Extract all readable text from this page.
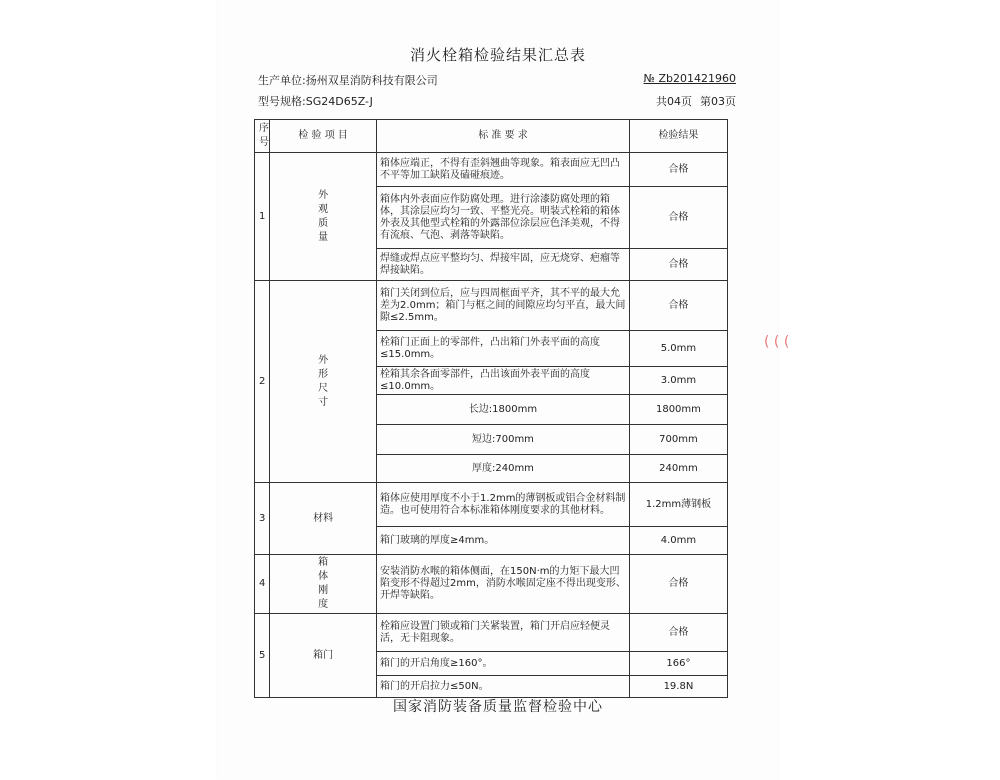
消火栓箱检验结果汇总表
生产单位:扬州双星消防科技有限公司
型号规格:SG24D65Z-J
№ Zb201421960
共04页 第03页
序号	检 验 项 目	标 准 要 求	检验结果
1	外观质量	箱体应端正，不得有歪斜翘曲等现象。箱表面应无凹凸不平等加工缺陷及磕碰痕迹。	合格
		箱体内外表面应作防腐处理。进行涂漆防腐处理的箱体，其涂层应均匀一致、平整光亮。明装式栓箱的箱体外表及其他型式栓箱的外露部位涂层应色泽美观，不得有流痕、气泡、剥落等缺陷。	合格
		焊缝或焊点应平整均匀、焊接牢固，应无烧穿、疤瘤等焊接缺陷。	合格
2	外形尺寸	箱门关闭到位后，应与四周框面平齐，其不平的最大允差为2.0mm；箱门与框之间的间隙应均匀平直，最大间隙≤2.5mm。	合格
		栓箱门正面上的零部件，凸出箱门外表平面的高度≤15.0mm。	5.0mm
		栓箱其余各面零部件，凸出该面外表平面的高度≤10.0mm。	3.0mm
		长边:1800mm	1800mm
		短边:700mm	700mm
		厚度:240mm	240mm
3	材料	箱体应使用厚度不小于1.2mm的薄钢板或铝合金材料制造。也可使用符合本标准箱体刚度要求的其他材料。	1.2mm薄钢板
		箱门玻璃的厚度≥4mm。	4.0mm
4	箱体刚度	安装消防水喉的箱体侧面，在150N·m的力矩下最大凹陷变形不得超过2mm，消防水喉固定座不得出现变形、开焊等缺陷。	合格
5	箱门	栓箱应设置门锁或箱门关紧装置，箱门开启应轻便灵活，无卡阻现象。	合格
		箱门的开启角度≥160°。	166°
		箱门的开启拉力≤50N。	19.8N
国家消防装备质量监督检验中心
( ( (
